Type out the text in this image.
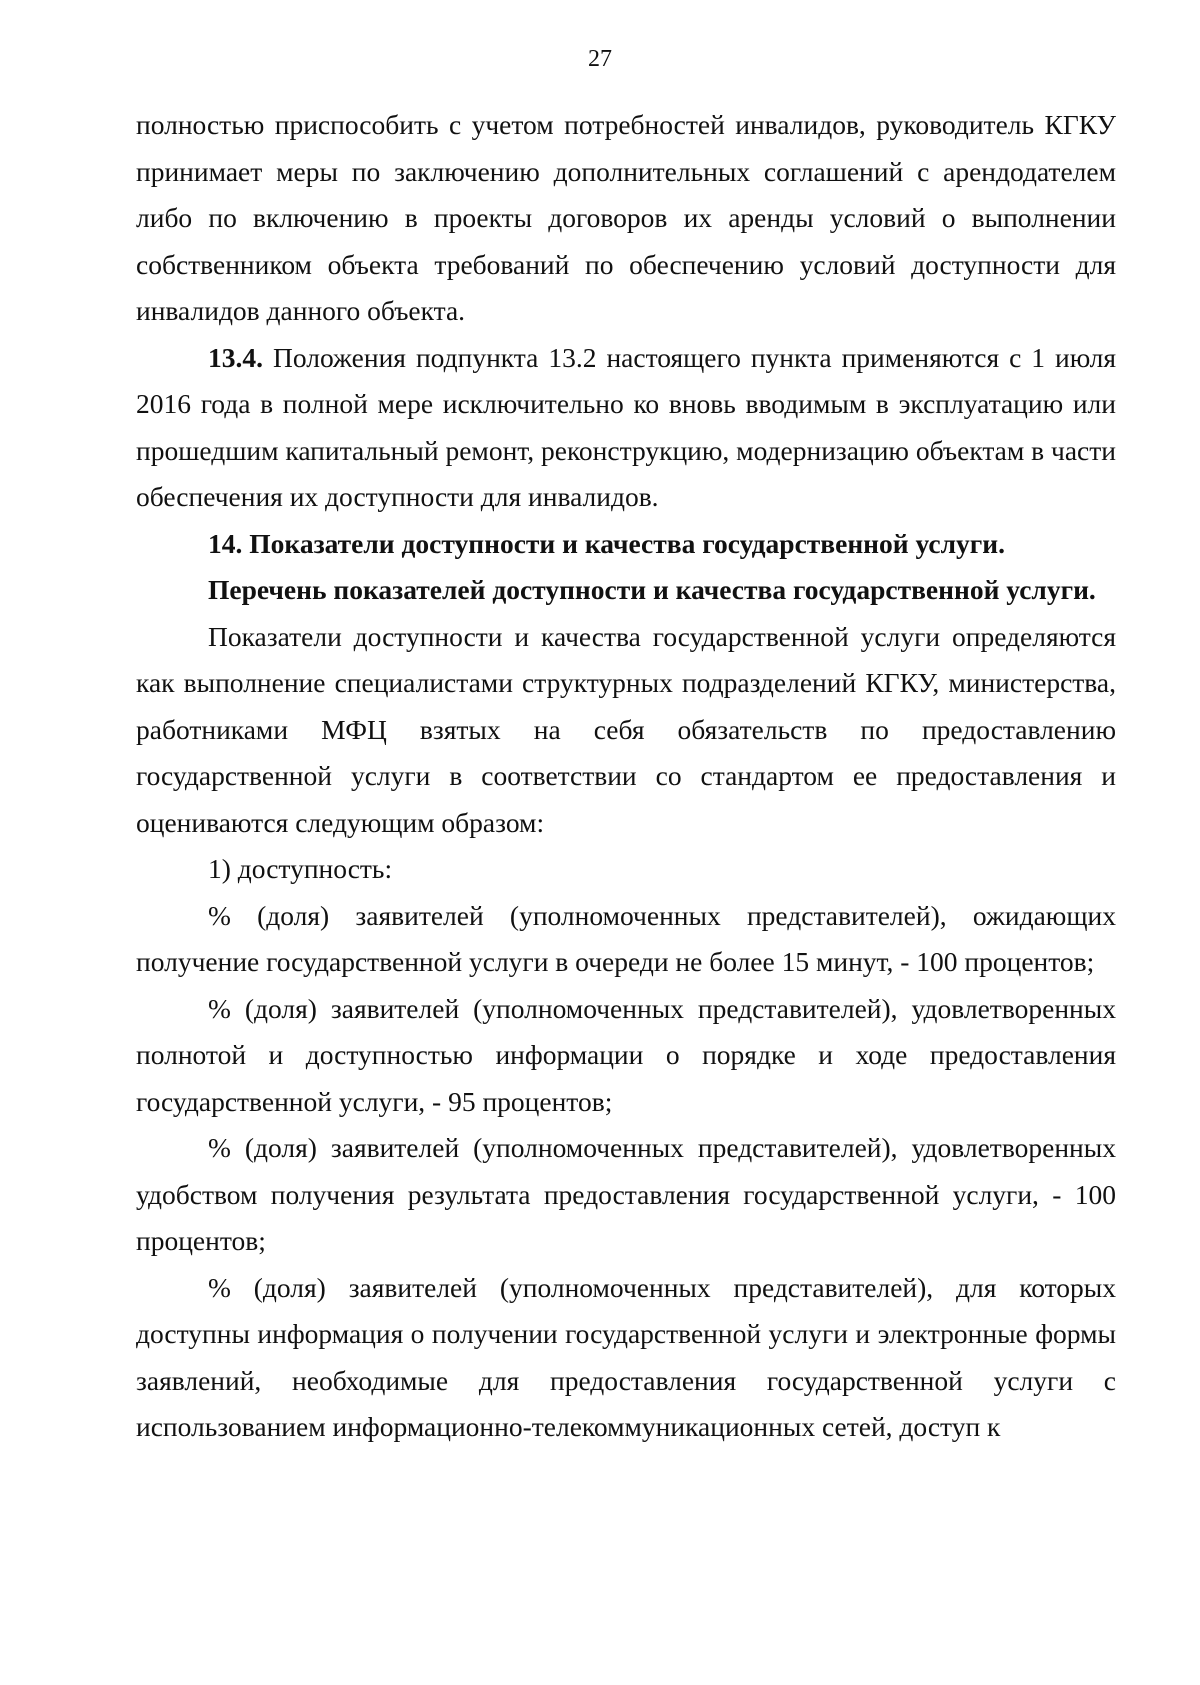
27

полностью приспособить с учетом потребностей инвалидов, руководитель КГКУ принимает меры по заключению дополнительных соглашений с арендодателем либо по включению в проекты договоров их аренды условий о выполнении собственником объекта требований по обеспечению условий доступности для инвалидов данного объекта.

13.4. Положения подпункта 13.2 настоящего пункта применяются с 1 июля 2016 года в полной мере исключительно ко вновь вводимым в эксплуатацию или прошедшим капитальный ремонт, реконструкцию, модернизацию объектам в части обеспечения их доступности для инвалидов.

14. Показатели доступности и качества государственной услуги.

Перечень показателей доступности и качества государственной услуги.

Показатели доступности и качества государственной услуги определяются как выполнение специалистами структурных подразделений КГКУ, министерства, работниками МФЦ взятых на себя обязательств по предоставлению государственной услуги в соответствии со стандартом ее предоставления и оцениваются следующим образом:

1) доступность:

% (доля) заявителей (уполномоченных представителей), ожидающих получение государственной услуги в очереди не более 15 минут, - 100 процентов;

% (доля) заявителей (уполномоченных представителей), удовлетворенных полнотой и доступностью информации о порядке и ходе предоставления государственной услуги, - 95 процентов;

% (доля) заявителей (уполномоченных представителей), удовлетворенных удобством получения результата предоставления государственной услуги, - 100 процентов;

% (доля) заявителей (уполномоченных представителей), для которых доступны информация о получении государственной услуги и электронные формы заявлений, необходимые для предоставления государственной услуги с использованием информационно-телекоммуникационных сетей, доступ к
